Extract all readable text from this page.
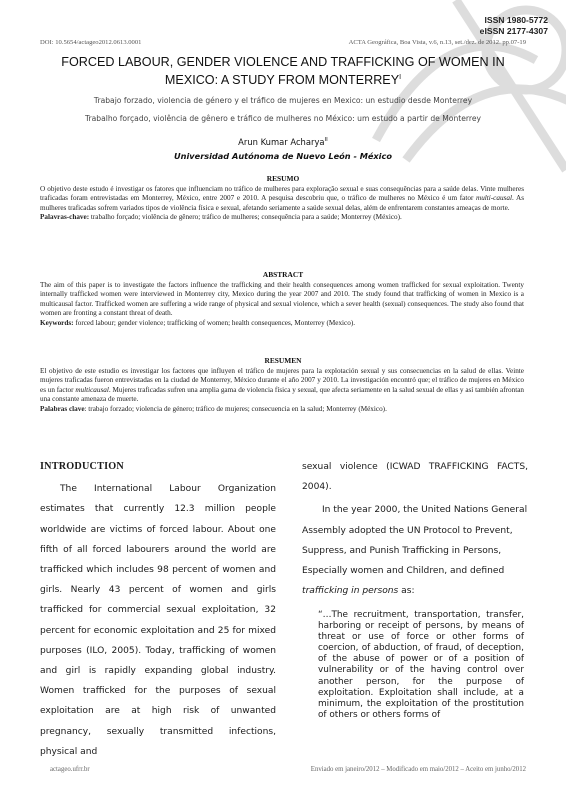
ISSN 1980-5772
eISSN 2177-4307
DOI: 10.5654/actageo2012.0613.0001	ACTA Geográfica, Boa Vista, v.6, n.13, set./dez. de 2012. pp.07-19
FORCED LABOUR, GENDER VIOLENCE AND TRAFFICKING OF WOMEN IN
MEXICO: A STUDY FROM $MONTERREY^I$
Trabajo forzado, violencia de género y el tráfico de mujeres en Mexico: un estudio desde Monterrey
Trabalho forçado, violência de gênero e tráfico de mulheres no México: um estudo a partir de Monterrey
Arun Kumar Acharya$^{II}$
Universidad Autónoma de Nuevo León - México
RESUMO
O objetivo deste estudo é investigar os fatores que influenciam no tráfico de mulheres para exploração sexual e suas consequências para a saúde delas. Vinte mulheres traficadas foram entrevistadas em Monterrey, México, entre 2007 e 2010. A pesquisa descobriu que, o tráfico de mulheres no México é um fator multi-causal. As mulheres traficadas sofrem variados tipos de violência física e sexual, afetando seriamente a saúde sexual delas, além de enfrentarem constantes ameaças de morte.
Palavras-chave: trabalho forçado; violência de gênero; tráfico de mulheres; consequência para a saúde; Monterrey (México).
ABSTRACT
The aim of this paper is to investigate the factors influence the trafficking and their health consequences among women trafficked for sexual exploitation. Twenty internally trafficked women were interviewed in Monterrey city, Mexico during the year 2007 and 2010. The study found that trafficking of women in Mexico is a multicausal factor. Trafficked women are suffering a wide range of physical and sexual violence, which a sever health (sexual) consequences. The study also found that women are fronting a constant threat of death.
Keywords: forced labour; gender violence; trafficking of women; health consequences, Monterrey (Mexico).
RESUMEN
El objetivo de este estudio es investigar los factores que influyen el tráfico de mujeres para la explotación sexual y sus consecuencias en la salud de ellas. Veinte mujeres traficadas fueron entrevistadas en la ciudad de Monterrey, México durante el año 2007 y 2010. La investigación encontró que; el tráfico de mujeres en México es un factor multicausal. Mujeres traficadas sufren una amplia gama de violencia física y sexual, que afecta seriamente en la salud sexual de ellas y así también afrontan una constante amenaza de muerte.
Palabras clave: trabajo forzado; violencia de género; tráfico de mujeres; consecuencia en la salud; Monterrey (México).
INTRODUCTION
The International Labour Organization estimates that currently 12.3 million people worldwide are victims of forced labour. About one fifth of all forced labourers around the world are trafficked which includes 98 percent of women and girls. Nearly 43 percent of women and girls trafficked for commercial sexual exploitation, 32 percent for economic exploitation and 25 for mixed purposes (ILO, 2005). Today, trafficking of women and girl is rapidly expanding global industry. Women trafficked for the purposes of sexual exploitation are at high risk of unwanted pregnancy, sexually transmitted infections, physical and
sexual violence (ICWAD TRAFFICKING FACTS, 2004).
In the year 2000, the United Nations General Assembly adopted the UN Protocol to Prevent, Suppress, and Punish Trafficking in Persons, Especially women and Children, and defined trafficking in persons as:
“…The recruitment, transportation, transfer, harboring or receipt of persons, by means of threat or use of force or other forms of coercion, of abduction, of fraud, of deception, of the abuse of power or of a position of vulnerability or of the having control over another person, for the purpose of exploitation. Exploitation shall include, at a minimum, the exploitation of the prostitution of others or others forms of
actageo.ufrr.br	Enviado em janeiro/2012 – Modificado em maio/2012 – Aceito em junho/2012
